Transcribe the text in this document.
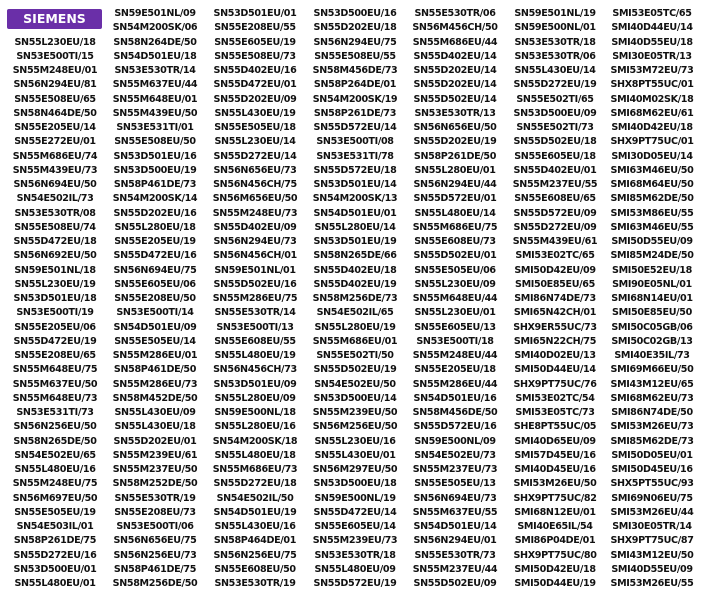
SIEMENS
SN55L230EU/18
SN53E500TI/15
SN55M248EU/01
SN56N294EU/81
SN55E508EU/65
SN58N464DE/50
SN55E205EU/14
SN55E272EU/01
SN55M686EU/74
SN55M439EU/73
SN56N694EU/50
SN54E502IL/73
SN53E530TR/08
SN55E508EU/74
SN55D472EU/18
SN56N692EU/50
SN59E501NL/18
SN55L230EU/19
SN53D501EU/18
SN53E500TI/19
SN55E205EU/06
SN55D472EU/19
SN55E208EU/65
SN55M648EU/75
SN55M637EU/50
SN55M648EU/73
SN53E531TI/73
SN56N256EU/50
SN58N265DE/50
SN54E502EU/65
SN55L480EU/16
SN55M248EU/75
SN56M697EU/50
SN55E505EU/19
SN54E503IL/01
SN58P261DE/75
SN55D272EU/16
SN53D500EU/01
SN55L480EU/01
SN59E501NL/09
SN54M200SK/06
SN58N264DE/50
SN54D501EU/18
SN53E530TR/14
SN55M637EU/44
SN55M648EU/01
SN55M439EU/50
SN53E531TI/01
SN55E508EU/50
SN53D501EU/16
SN53D500EU/19
SN58P461DE/73
SN54M200SK/14
SN55D202EU/16
SN55L280EU/18
SN55E205EU/19
SN55D472EU/16
SN56N694EU/75
SN55E605EU/06
SN55E208EU/50
SN53E500TI/14
SN54D501EU/09
SN55E505EU/14
SN55M286EU/01
SN58P461DE/50
SN55M286EU/73
SN58M452DE/50
SN55L430EU/09
SN55L430EU/18
SN55D202EU/01
SN55M239EU/61
SN55M237EU/50
SN58M252DE/50
SN55E530TR/19
SN55E208EU/73
SN53E500TI/06
SN56N656EU/75
SN56N256EU/73
SN58P461DE/75
SN58M256DE/50
SN53D501EU/01
SN55E208EU/55
SN55E605EU/19
SN55E508EU/73
SN55D402EU/16
SN55D472EU/01
SN55D202EU/09
SN55L430EU/19
SN55E505EU/18
SN55L230EU/14
SN55D272EU/14
SN56N656EU/73
SN56N456CH/75
SN56M656EU/50
SN55M248EU/73
SN55D402EU/09
SN56N294EU/73
SN56N456CH/01
SN59E501NL/01
SN55D502EU/16
SN55M286EU/75
SN55E530TR/14
SN53E500TI/13
SN55E608EU/55
SN55L480EU/19
SN56N456CH/73
SN53D501EU/09
SN55L280EU/09
SN59E500NL/18
SN55L280EU/16
SN54M200SK/18
SN55L480EU/18
SN55M686EU/73
SN55D272EU/18
SN54E502IL/50
SN54D501EU/19
SN55L430EU/16
SN58P464DE/01
SN56N256EU/75
SN55E608EU/50
SN53E530TR/19
SN53D500EU/16
SN55D202EU/18
SN56N294EU/75
SN55E508EU/55
SN58M456DE/73
SN58P264DE/01
SN54M200SK/19
SN58P261DE/73
SN55D572EU/14
SN53E500TI/08
SN53E531TI/78
SN55D572EU/18
SN53D501EU/14
SN54M200SK/13
SN54D501EU/01
SN55L280EU/14
SN53D501EU/19
SN58N265DE/66
SN55D402EU/18
SN55D402EU/19
SN58M256DE/73
SN54E502IL/65
SN55L280EU/19
SN55M686EU/01
SN55E502TI/50
SN55D502EU/19
SN54E502EU/50
SN53D500EU/14
SN55M239EU/50
SN56M256EU/50
SN55L230EU/16
SN55L430EU/01
SN56M297EU/50
SN53D500EU/18
SN59E500NL/19
SN55D472EU/14
SN55E605EU/14
SN55M239EU/73
SN53E530TR/18
SN55L480EU/09
SN55D572EU/19
SN55E530TR/06
SN56M456CH/50
SN55M686EU/44
SN55D402EU/14
SN55D202EU/14
SN55D202EU/14
SN55D502EU/14
SN53E530TR/13
SN56N656EU/50
SN55D202EU/19
SN58P261DE/50
SN55L280EU/01
SN56N294EU/44
SN55D572EU/01
SN55L480EU/14
SN55M686EU/75
SN55E608EU/73
SN55D502EU/01
SN55E505EU/06
SN55L230EU/09
SN55M648EU/44
SN55L230EU/01
SN55E605EU/13
SN53E500TI/18
SN55M248EU/44
SN55E205EU/18
SN55M286EU/44
SN54D501EU/16
SN58M456DE/50
SN55D572EU/16
SN59E500NL/09
SN54E502EU/73
SN55M237EU/73
SN55E505EU/13
SN56N694EU/73
SN55M637EU/55
SN54D501EU/14
SN56N294EU/01
SN55E530TR/73
SN55M237EU/44
SN55D502EU/09
SN59E501NL/19
SN59E500NL/01
SN53E530TR/18
SN53E530TR/06
SN55L430EU/14
SN55D272EU/19
SN55E502TI/65
SN53D500EU/09
SN55E502TI/73
SN55D502EU/18
SN55E605EU/18
SN55D402EU/01
SN55M237EU/55
SN55E608EU/65
SN55D572EU/09
SN55D272EU/09
SN55M439EU/61
SMI53E02TC/65
SMI50D42EU/09
SMI50E85EU/65
SMI86N74DE/73
SMI65N42CH/01
SHX9ER55UC/73
SMI65N22CH/75
SMI40D02EU/13
SMI50D44EU/14
SHX9PT75UC/76
SMI53E02TC/54
SMI53E05TC/73
SHE8PT55UC/05
SMI40D65EU/09
SMI57D45EU/16
SMI40D45EU/16
SMI53M26EU/50
SHX9PT75UC/82
SMI68N12EU/01
SMI40E65IL/54
SMI86P04DE/01
SHX9PT75UC/80
SMI50D42EU/18
SMI50D44EU/19
SMI53E05TC/65
SMI40D44EU/14
SMI40D55EU/18
SMI30E05TR/13
SMI53M72EU/73
SHX8PT55UC/01
SMI40M02SK/18
SMI68M62EU/61
SMI40D42EU/18
SHX9PT75UC/01
SMI30D05EU/14
SMI63M46EU/50
SMI68M64EU/50
SMI85M62DE/50
SMI53M86EU/55
SMI63M46EU/55
SMI50D55EU/09
SMI85M24DE/50
SMI50E52EU/18
SMI90E05NL/01
SMI68N14EU/01
SMI50E85EU/50
SMI50C05GB/06
SMI50C02GB/13
SMI40E35IL/73
SMI69M66EU/50
SMI43M12EU/65
SMI68M62EU/73
SMI86N74DE/50
SMI53M26EU/73
SMI85M62DE/73
SMI50D05EU/01
SMI50D45EU/16
SHX5PT55UC/93
SMI69N06EU/75
SMI53M26EU/44
SMI30E05TR/14
SHX9PT75UC/87
SMI43M12EU/50
SMI40D55EU/09
SMI53M26EU/55
